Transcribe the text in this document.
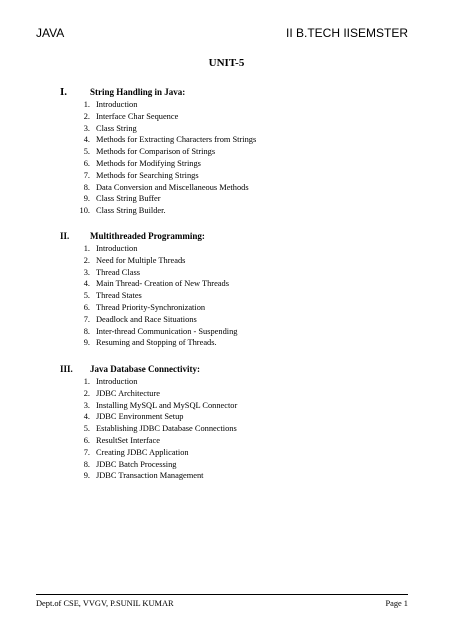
JAVA	II B.TECH IISEMSTER
UNIT-5
I.	String Handling in Java:
1. Introduction
2. Interface Char Sequence
3. Class String
4. Methods for Extracting Characters from Strings
5. Methods for Comparison of Strings
6. Methods for Modifying Strings
7. Methods for Searching Strings
8. Data Conversion and Miscellaneous Methods
9. Class String Buffer
10. Class String Builder.
II. Multithreaded Programming:
1. Introduction
2. Need for Multiple Threads
3. Thread Class
4. Main Thread- Creation of New Threads
5. Thread States
6. Thread Priority-Synchronization
7. Deadlock and Race Situations
8. Inter-thread Communication - Suspending
9. Resuming and Stopping of Threads.
III. Java Database Connectivity:
1. Introduction
2. JDBC Architecture
3. Installing MySQL and MySQL Connector
4. JDBC Environment Setup
5. Establishing JDBC Database Connections
6. ResultSet Interface
7. Creating JDBC Application
8. JDBC Batch Processing
9. JDBC Transaction Management
Dept.of CSE, VVGV, P.SUNIL KUMAR	Page 1
